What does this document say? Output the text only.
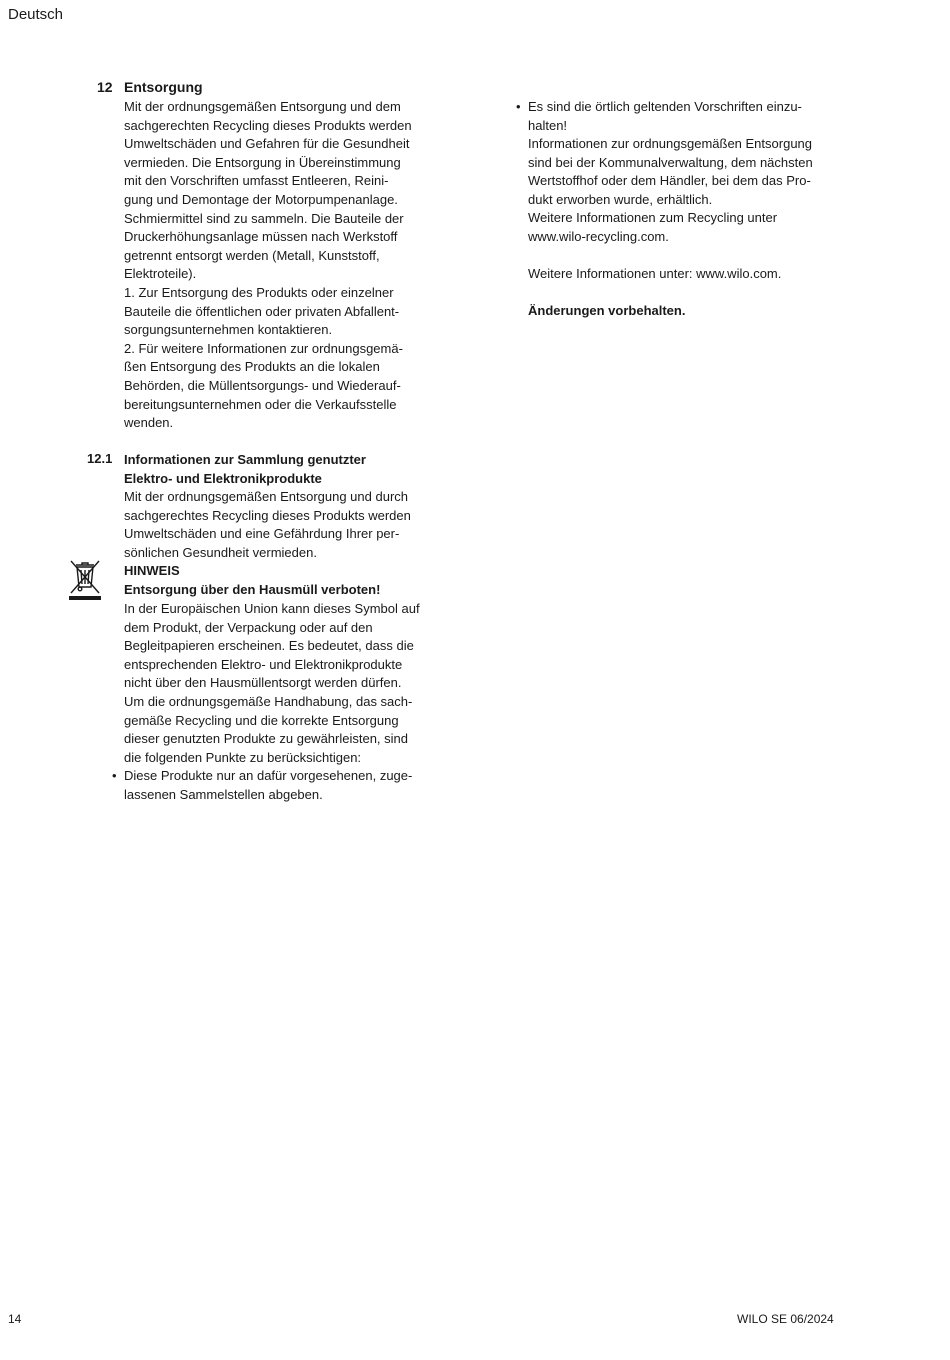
Deutsch
12 Entsorgung
Mit der ordnungsgemäßen Entsorgung und dem
sachgerechten Recycling dieses Produkts werden
Umweltschäden und Gefahren für die Gesundheit
vermieden. Die Entsorgung in Übereinstimmung
mit den Vorschriften umfasst Entleeren, Reini-
gung und Demontage der Motorpumpenanlage.
Schmiermittel sind zu sammeln. Die Bauteile der
Druckerhöhungsanlage müssen nach Werkstoff
getrennt entsorgt werden (Metall, Kunststoff,
Elektroteile).
1. Zur Entsorgung des Produkts oder einzelner
Bauteile die öffentlichen oder privaten Abfallent-
sorgungsunternehmen kontaktieren.
2. Für weitere Informationen zur ordnungsgemä-
ßen Entsorgung des Produkts an die lokalen
Behörden, die Müllentsorgungs- und Wiederauf-
bereitungsunternehmen oder die Verkaufsstelle
wenden.
12.1 Informationen zur Sammlung genutzter
Elektro- und Elektronikprodukte
Mit der ordnungsgemäßen Entsorgung und durch
sachgerechtes Recycling dieses Produkts werden
Umweltschäden und eine Gefährdung Ihrer per-
sönlichen Gesundheit vermieden.
HINWEIS
Entsorgung über den Hausmüll verboten!
In der Europäischen Union kann dieses Symbol auf
dem Produkt, der Verpackung oder auf den
Begleitpapieren erscheinen. Es bedeutet, dass die
entsprechenden Elektro- und Elektronikprodukte
nicht über den Hausmüllentsorgt werden dürfen.
Um die ordnungsgemäße Handhabung, das sach-
gemäße Recycling und die korrekte Entsorgung
dieser genutzten Produkte zu gewährleisten, sind
die folgenden Punkte zu berücksichtigen:
• Diese Produkte nur an dafür vorgesehenen, zuge-
lassenen Sammelstellen abgeben.
• Es sind die örtlich geltenden Vorschriften einzu-
halten!
Informationen zur ordnungsgemäßen Entsorgung
sind bei der Kommunalverwaltung, dem nächsten
Wertstoffhof oder dem Händler, bei dem das Pro-
dukt erworben wurde, erhältlich.
Weitere Informationen zum Recycling unter
www.wilo-recycling.com.
Weitere Informationen unter: www.wilo.com.
Änderungen vorbehalten.
14	WILO SE 06/2024
